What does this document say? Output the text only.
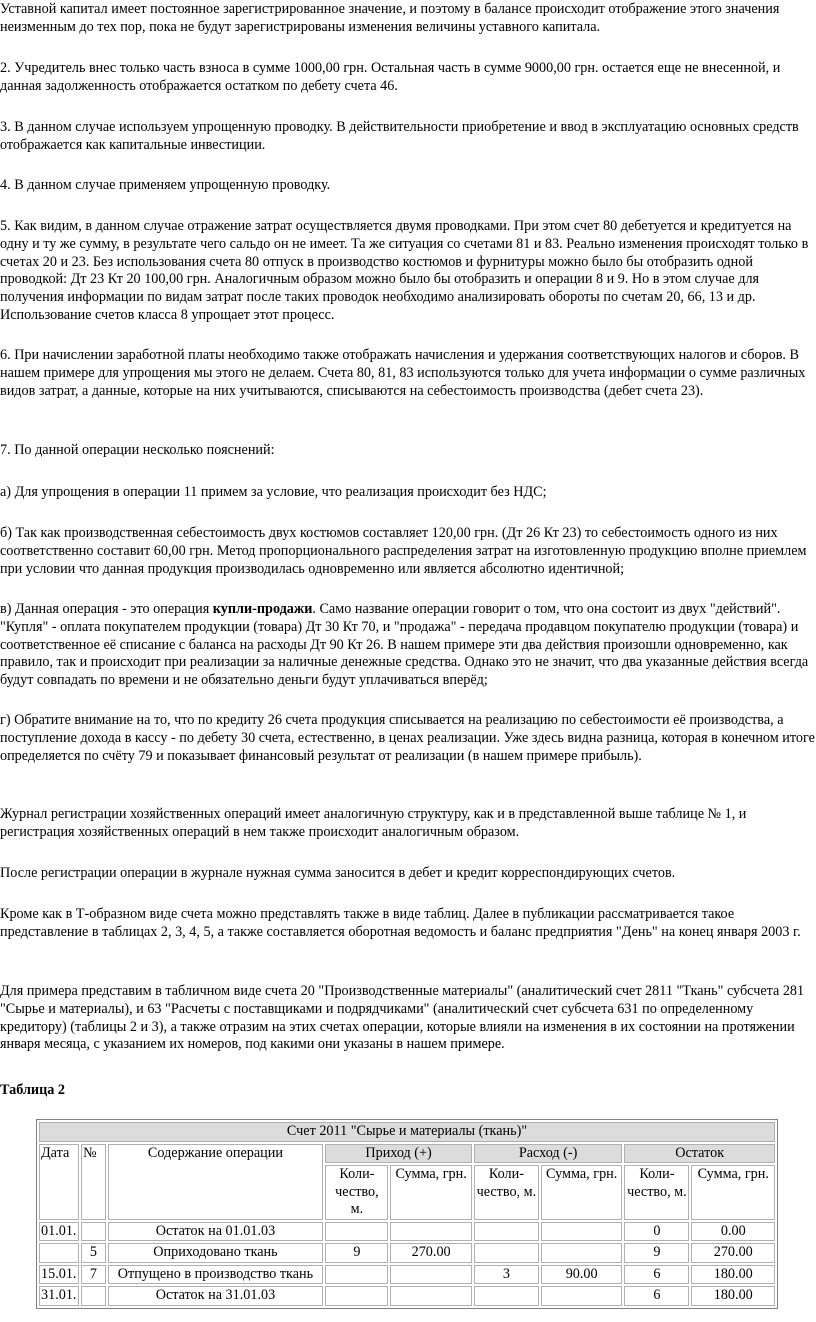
Уставной капитал имеет постоянное зарегистрированное значение, и поэтому в балансе происходит отображение этого значения неизменным до тех пор, пока не будут зарегистрированы изменения величины уставного капитала.

2. Учредитель внес только часть взноса в сумме 1000,00 грн. Остальная часть в сумме 9000,00 грн. остается еще не внесенной, и данная задолженность отображается остатком по дебету счета 46.

3. В данном случае используем упрощенную проводку. В действительности приобретение и ввод в эксплуатацию основных средств отображается как капитальные инвестиции.

4. В данном случае применяем упрощенную проводку.

5. Как видим, в данном случае отражение затрат осуществляется двумя проводками. При этом счет 80 дебетуется и кредитуется на одну и ту же сумму, в результате чего сальдо он не имеет. Та же ситуация со счетами 81 и 83. Реально изменения происходят только в счетах 20 и 23. Без использования счета 80 отпуск в производство костюмов и фурнитуры можно было бы отобразить одной проводкой: Дт 23 Кт 20 100,00 грн. Аналогичным образом можно было бы отобразить и операции 8 и 9. Но в этом случае для получения информации по видам затрат после таких проводок необходимо анализировать обороты по счетам 20, 66, 13 и др. Использование счетов класса 8 упрощает этот процесс.

6. При начислении заработной платы необходимо также отображать начисления и удержания соответствующих налогов и сборов. В нашем примере для упрощения мы этого не делаем. Счета 80, 81, 83 используются только для учета информации о сумме различных видов затрат, а данные, которые на них учитываются, списываются на себестоимость производства (дебет счета 23).

7. По данной операции несколько пояснений:

а) Для упрощения в операции 11 примем за условие, что реализация происходит без НДС;

б) Так как производственная себестоимость двух костюмов составляет 120,00 грн. (Дт 26 Кт 23) то себестоимость одного из них соответственно составит 60,00 грн. Метод пропорционального распределения затрат на изготовленную продукцию вполне приемлем при условии что данная продукция производилась одновременно или является абсолютно идентичной;

в) Данная операция - это операция купли-продажи. Само название операции говорит о том, что она состоит из двух "действий". "Купля" - оплата покупателем продукции (товара) Дт 30 Кт 70, и "продажа" - передача продавцом покупателю продукции (товара) и соответственное её списание с баланса на расходы Дт 90 Кт 26. В нашем примере эти два действия произошли одновременно, как правило, так и происходит при реализации за наличные денежные средства. Однако это не значит, что два указанные действия всегда будут совпадать по времени и не обязательно деньги будут уплачиваться вперёд;

г) Обратите внимание на то, что по кредиту 26 счета продукция списывается на реализацию по себестоимости её производства, а поступление дохода в кассу - по дебету 30 счета, естественно, в ценах реализации. Уже здесь видна разница, которая в конечном итоге определяется по счёту 79 и показывает финансовый результат от реализации (в нашем примере прибыль).

Журнал регистрации хозяйственных операций имеет аналогичную структуру, как и в представленной выше таблице № 1, и регистрация хозяйственных операций в нем также происходит аналогичным образом.

После регистрации операции в журнале нужная сумма заносится в дебет и кредит корреспондирующих счетов.

Кроме как в Т-образном виде счета можно представлять также в виде таблиц. Далее в публикации рассматривается такое представление в таблицах 2, 3, 4, 5, а также составляется оборотная ведомость и баланс предприятия "День" на конец января 2003 г.

Для примера представим в табличном виде счета 20 "Производственные материалы" (аналитический счет 2811 "Ткань" субсчета 281 "Сырье и материалы), и 63 "Расчеты с поставщиками и подрядчиками" (аналитический счет субсчета 631 по определенному кредитору) (таблицы 2 и 3), а также отразим на этих счетах операции, которые влияли на изменения в их состоянии на протяжении января месяца, с указанием их номеров, под какими они указаны в нашем примере.

Таблица 2

Счет 2011 "Сырье и материалы (ткань)"								
Дата	№	Содержание операции	Приход (+)		Расход (-)		Остаток	
			Коли-чество, м.	Сумма, грн.	Коли-чество, м.	Сумма, грн.	Коли-чество, м.	Сумма, грн.
01.01.		Остаток на 01.01.03					0	0.00
	5	Оприходовано ткань	9	270.00			9	270.00
15.01.	7	Отпущено в производство ткань			3	90.00	6	180.00
31.01.		Остаток на 31.01.03					6	180.00
